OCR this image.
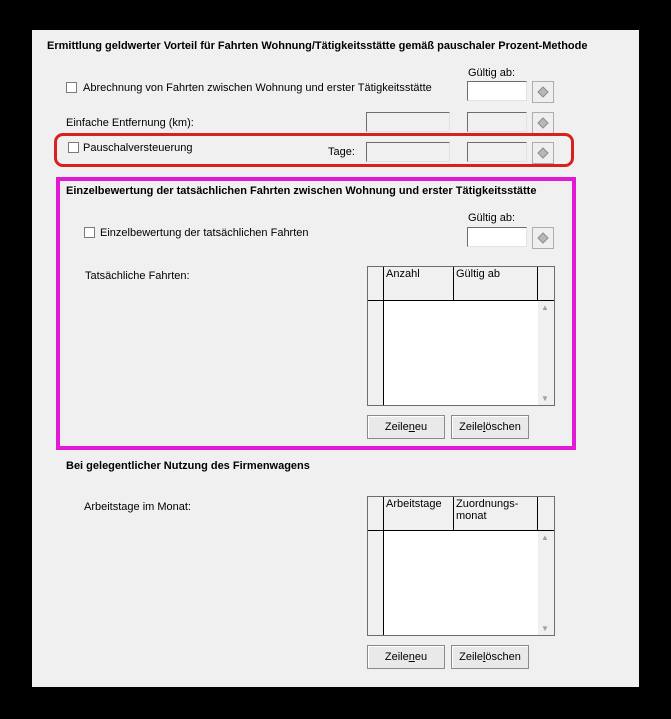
Ermittlung geldwerter Vorteil für Fahrten Wohnung/Tätigkeitsstätte gemäß pauschaler Prozent-Methode
Gültig ab:
Abrechnung von Fahrten zwischen Wohnung und erster Tätigkeitsstätte
Einfache Entfernung (km):
Pauschalversteuerung	Tage:
Einzelbewertung der tatsächlichen Fahrten zwischen Wohnung und erster Tätigkeitsstätte
Gültig ab:
Einzelbewertung der tatsächlichen Fahrten
Tatsächliche Fahrten:	Anzahl	Gültig ab
▲
▼
Zeile n eu	Zeile l öschen
Bei gelegentlicher Nutzung des Firmenwagens
Arbeitstage im Monat:	Arbeitstage	Zuordnungs-
monat
▲
▼
Zeile n eu	Zeile l öschen
